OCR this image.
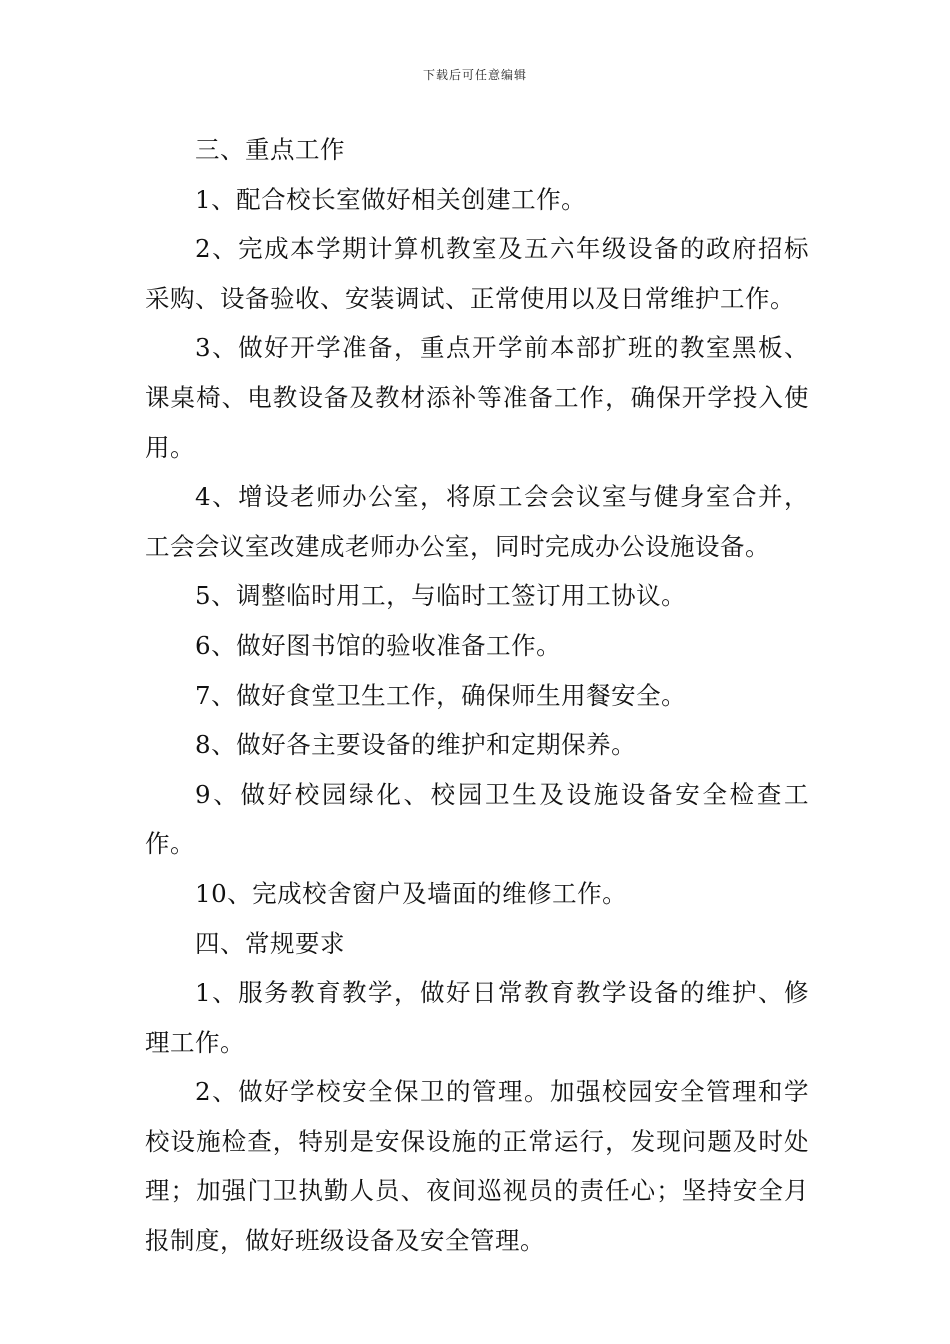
下载后可任意编辑

三、重点工作

1、配合校长室做好相关创建工作。

2、完成本学期计算机教室及五六年级设备的政府招标采购、设备验收、安装调试、正常使用以及日常维护工作。

3、做好开学准备，重点开学前本部扩班的教室黑板、课桌椅、电教设备及教材添补等准备工作，确保开学投入使用。

4、增设老师办公室，将原工会会议室与健身室合并，工会会议室改建成老师办公室，同时完成办公设施设备。

5、调整临时用工，与临时工签订用工协议。

6、做好图书馆的验收准备工作。

7、做好食堂卫生工作，确保师生用餐安全。

8、做好各主要设备的维护和定期保养。

9、做好校园绿化、校园卫生及设施设备安全检查工作。

10、完成校舍窗户及墙面的维修工作。

四、常规要求

1、服务教育教学，做好日常教育教学设备的维护、修理工作。

2、做好学校安全保卫的管理。加强校园安全管理和学校设施检查，特别是安保设施的正常运行，发现问题及时处理；加强门卫执勤人员、夜间巡视员的责任心；坚持安全月报制度，做好班级设备及安全管理。
